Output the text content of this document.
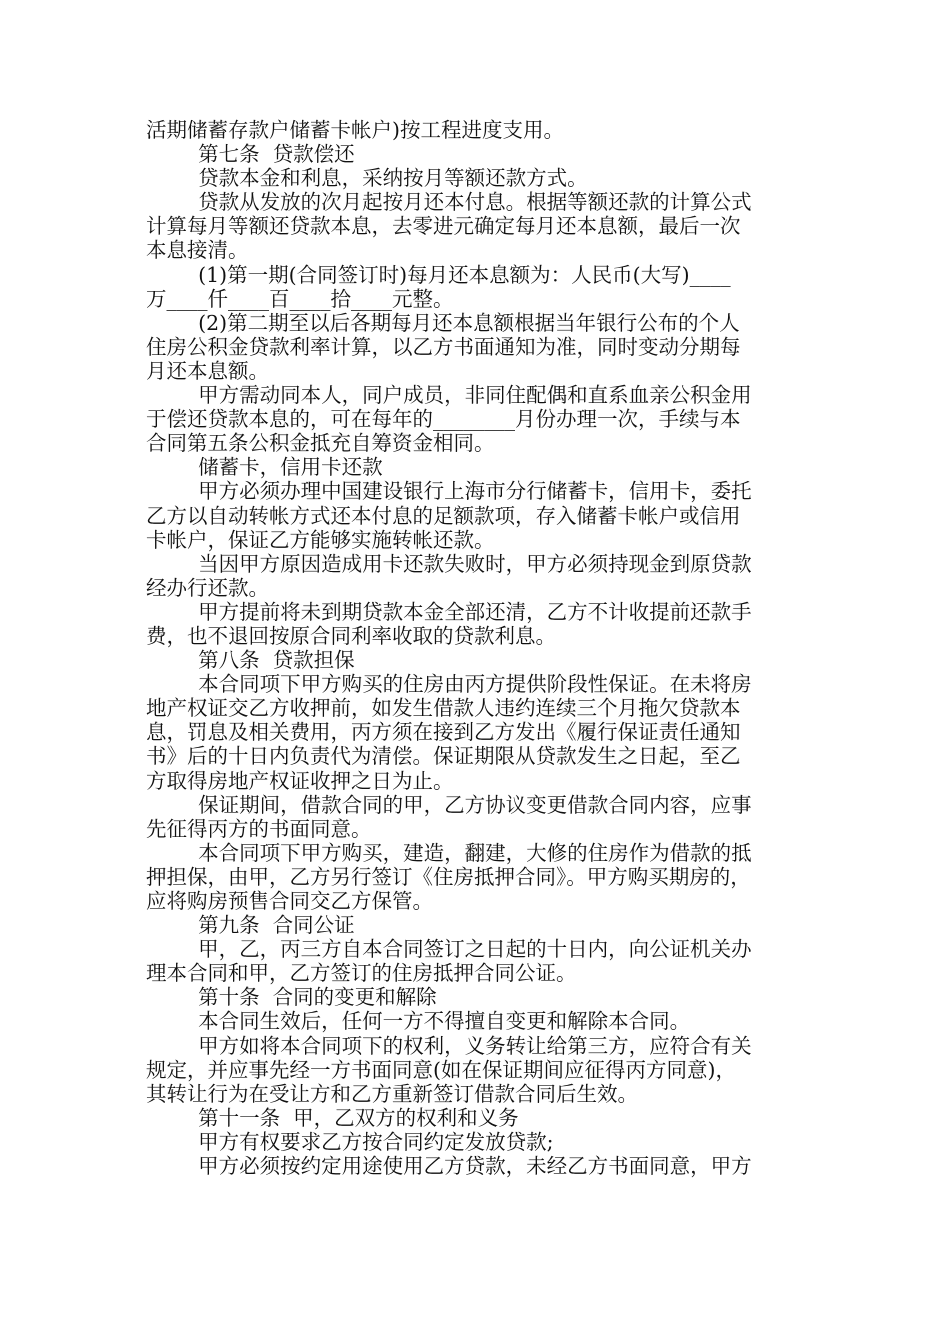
活期储蓄存款户储蓄卡帐户)按工程进度支用。
第七条  贷款偿还
贷款本金和利息，采纳按月等额还款方式。
贷款从发放的次月起按月还本付息。根据等额还款的计算公式
计算每月等额还贷款本息，去零进元确定每月还本息额，最后一次
本息接清。
(1)第一期(合同签订时)每月还本息额为：人民币(大写)____
万____仟____百____拾____元整。
(2)第二期至以后各期每月还本息额根据当年银行公布的个人
住房公积金贷款利率计算，以乙方书面通知为准，同时变动分期每
月还本息额。
甲方需动同本人，同户成员，非同住配偶和直系血亲公积金用
于偿还贷款本息的，可在每年的________月份办理一次，手续与本
合同第五条公积金抵充自筹资金相同。
储蓄卡，信用卡还款
甲方必须办理中国建设银行上海市分行储蓄卡，信用卡，委托
乙方以自动转帐方式还本付息的足额款项，存入储蓄卡帐户或信用
卡帐户，保证乙方能够实施转帐还款。
当因甲方原因造成用卡还款失败时，甲方必须持现金到原贷款
经办行还款。
甲方提前将未到期贷款本金全部还清，乙方不计收提前还款手
费，也不退回按原合同利率收取的贷款利息。
第八条  贷款担保
本合同项下甲方购买的住房由丙方提供阶段性保证。在未将房
地产权证交乙方收押前，如发生借款人违约连续三个月拖欠贷款本
息，罚息及相关费用，丙方须在接到乙方发出《履行保证责任通知
书》后的十日内负责代为清偿。保证期限从贷款发生之日起，至乙
方取得房地产权证收押之日为止。
保证期间，借款合同的甲，乙方协议变更借款合同内容，应事
先征得丙方的书面同意。
本合同项下甲方购买，建造，翻建，大修的住房作为借款的抵
押担保，由甲，乙方另行签订《住房抵押合同》。甲方购买期房的，
应将购房预售合同交乙方保管。
第九条  合同公证
甲，乙，丙三方自本合同签订之日起的十日内，向公证机关办
理本合同和甲，乙方签订的住房抵押合同公证。
第十条  合同的变更和解除
本合同生效后，任何一方不得擅自变更和解除本合同。
甲方如将本合同项下的权利，义务转让给第三方，应符合有关
规定，并应事先经一方书面同意(如在保证期间应征得丙方同意)，
其转让行为在受让方和乙方重新签订借款合同后生效。
第十一条  甲，乙双方的权利和义务
甲方有权要求乙方按合同约定发放贷款;
甲方必须按约定用途使用乙方贷款，未经乙方书面同意，甲方
